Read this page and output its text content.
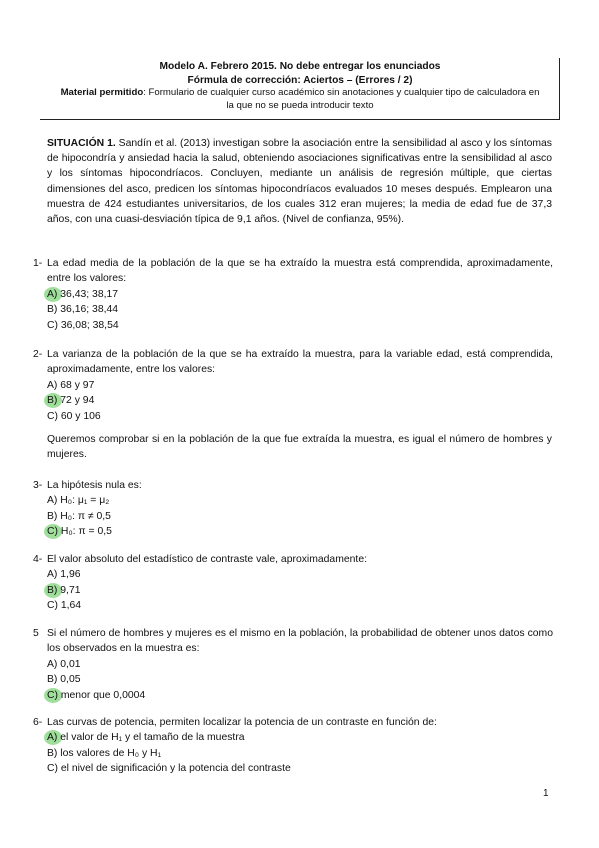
Modelo A. Febrero 2015. No debe entregar los enunciados
Fórmula de corrección: Aciertos – (Errores / 2)
Material permitido: Formulario de cualquier curso académico sin anotaciones y cualquier tipo de calculadora en
la que no se pueda introducir texto
SITUACIÓN 1. Sandín et al. (2013) investigan sobre la asociación entre la sensibilidad al asco y los síntomas de hipocondría y ansiedad hacia la salud, obteniendo asociaciones significativas entre la sensibilidad al asco y los síntomas hipocondríacos. Concluyen, mediante un análisis de regresión múltiple, que ciertas dimensiones del asco, predicen los síntomas hipocondríacos evaluados 10 meses después. Emplearon una muestra de 424 estudiantes universitarios, de los cuales 312 eran mujeres; la media de edad fue de 37,3 años, con una cuasi-desviación típica de 9,1 años. (Nivel de confianza, 95%).
1- La edad media de la población de la que se ha extraído la muestra está comprendida, aproximadamente, entre los valores:
A) 36,43; 38,17
B) 36,16; 38,44
C) 36,08; 38,54
2- La varianza de la población de la que se ha extraído la muestra, para la variable edad, está comprendida, aproximadamente, entre los valores:
A) 68 y 97
B) 72 y 94
C) 60 y 106
Queremos comprobar si en la población de la que fue extraída la muestra, es igual el número de hombres y mujeres.
3- La hipótesis nula es:
A) H₀: μ₁ = μ₂
B) H₀: π ≠ 0,5
C) H₀: π = 0,5
4- El valor absoluto del estadístico de contraste vale, aproximadamente:
A) 1,96
B) 9,71
C) 1,64
5 Si el número de hombres y mujeres es el mismo en la población, la probabilidad de obtener unos datos como los observados en la muestra es:
A) 0,01
B) 0,05
C) menor que 0,0004
6- Las curvas de potencia, permiten localizar la potencia de un contraste en función de:
A) el valor de H₁ y el tamaño de la muestra
B) los valores de H₀ y H₁
C) el nivel de significación y la potencia del contraste
1
